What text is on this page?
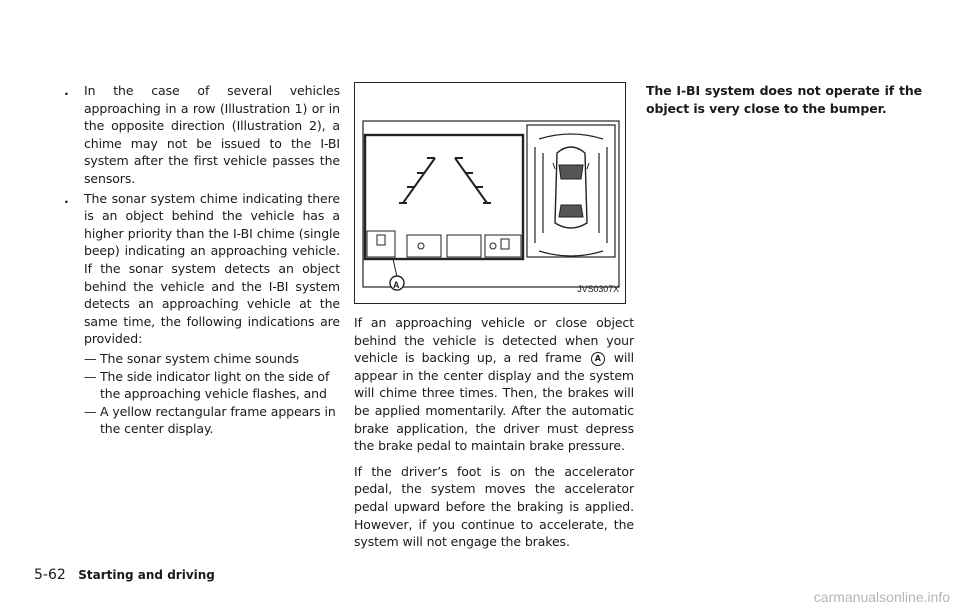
. In the case of several vehicles approaching in a row (Illustration 1) or in the opposite direction (Illustration 2), a chime may not be issued to the I-BI system after the first vehicle passes the sensors.
. The sonar system chime indicating there is an object behind the vehicle has a higher priority than the I-BI chime (single beep) indicating an approaching vehicle. If the sonar system detects an object behind the vehicle and the I-BI system detects an approaching vehicle at the same time, the following indications are provided:
— The sonar system chime sounds
— The side indicator light on the side of the approaching vehicle flashes, and
— A yellow rectangular frame appears in the center display.
A	JVS0307X

If an approaching vehicle or close object behind the vehicle is detected when your vehicle is backing up, a red frame A will appear in the center display and the system will chime three times. Then, the brakes will be applied momentarily. After the automatic brake application, the driver must depress the brake pedal to maintain brake pressure.

If the driver’s foot is on the accelerator pedal, the system moves the accelerator pedal upward before the braking is applied. However, if you continue to accelerate, the system will not engage the brakes.

The I-BI system does not operate if the object is very close to the bumper.

5-62 Starting and driving
carmanualsonline.info
